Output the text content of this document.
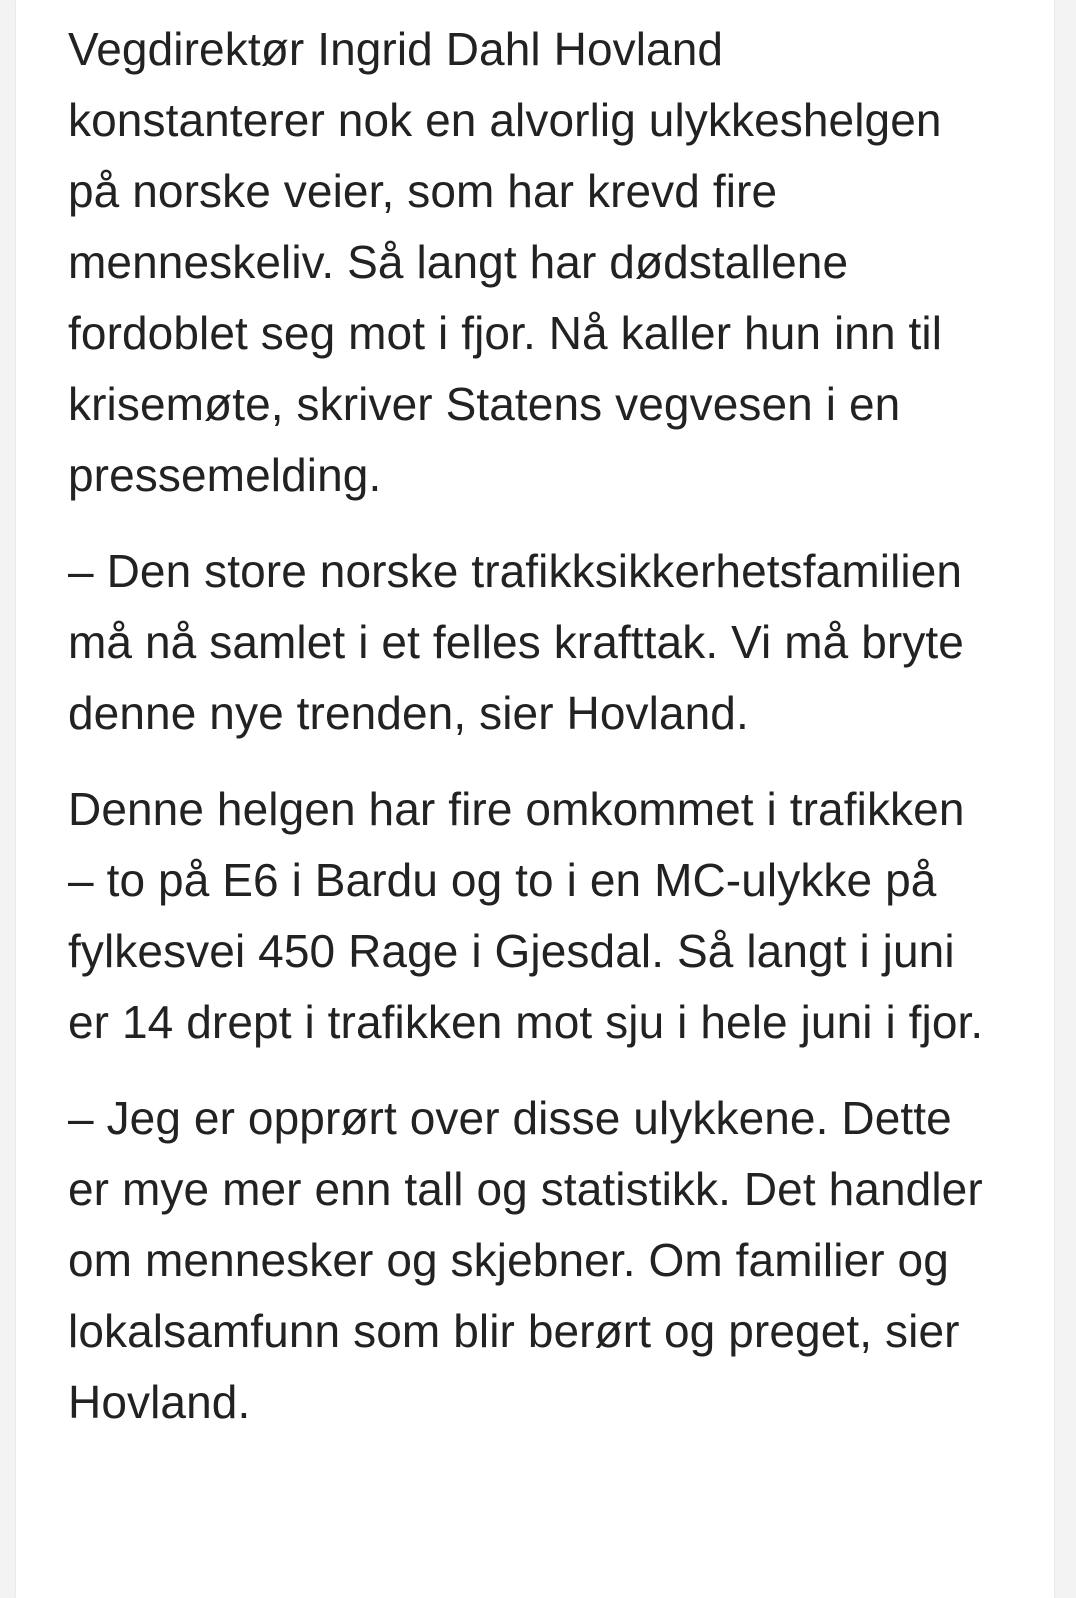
Vegdirektør Ingrid Dahl Hovland konstanterer nok en alvorlig ulykkeshelgen på norske veier, som har krevd fire menneskeliv. Så langt har dødstallene fordoblet seg mot i fjor. Nå kaller hun inn til krisemøte, skriver Statens vegvesen i en pressemelding.

– Den store norske trafikksikkerhetsfamilien må nå samlet i et felles krafttak. Vi må bryte denne nye trenden, sier Hovland.

Denne helgen har fire omkommet i trafikken – to på E6 i Bardu og to i en MC-ulykke på fylkesvei 450 Rage i Gjesdal. Så langt i juni er 14 drept i trafikken mot sju i hele juni i fjor.

– Jeg er opprørt over disse ulykkene. Dette er mye mer enn tall og statistikk. Det handler om mennesker og skjebner. Om familier og lokalsamfunn som blir berørt og preget, sier Hovland.
